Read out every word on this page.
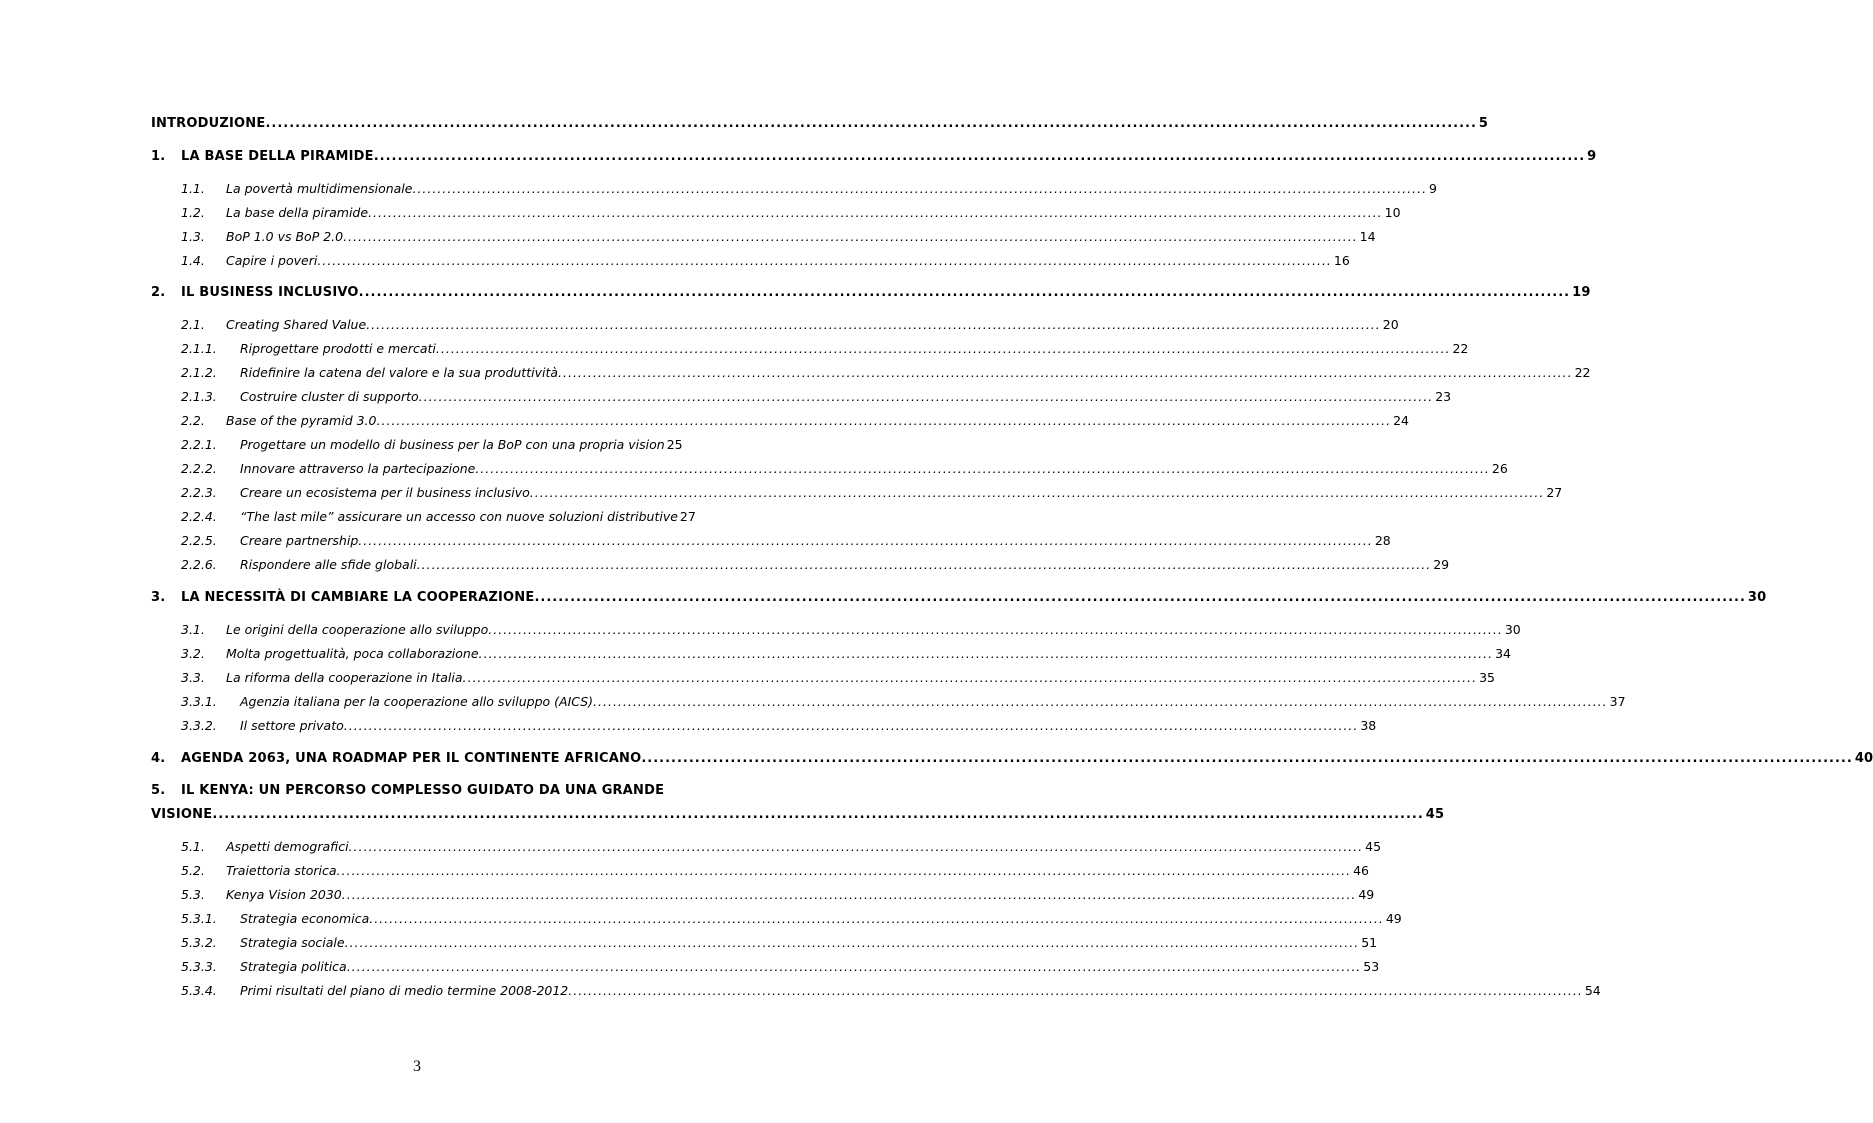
INTRODUZIONE .....	5
1. LA BASE DELLA PIRAMIDE .....	9
1.1. La povertà multidimensionale .....	9
1.2. La base della piramide .....	10
1.3. BoP 1.0 vs BoP 2.0 .....	14
1.4. Capire i poveri .....	16
2. IL BUSINESS INCLUSIVO .....	19
2.1. Creating Shared Value .....	20
2.1.1. Riprogettare prodotti e mercati .....	22
2.1.2. Ridefinire la catena del valore e la sua produttività .....	22
2.1.3. Costruire cluster di supporto .....	23
2.2. Base of the pyramid 3.0 .....	24
2.2.1. Progettare un modello di business per la BoP con una propria vision 25
2.2.2. Innovare attraverso la partecipazione .....	26
2.2.3. Creare un ecosistema per il business inclusivo .....	27
2.2.4. “The last mile” assicurare un accesso con nuove soluzioni distributive 27
2.2.5. Creare partnership .....	28
2.2.6. Rispondere alle sfide globali .....	29
3. LA NECESSITÀ DI CAMBIARE LA COOPERAZIONE .....	30
3.1. Le origini della cooperazione allo sviluppo .....	30
3.2. Molta progettualità, poca collaborazione .....	34
3.3. La riforma della cooperazione in Italia .....	35
3.3.1. Agenzia italiana per la cooperazione allo sviluppo (AICS) .....	37
3.3.2. Il settore privato .....	38
4. AGENDA 2063, UNA ROADMAP PER IL CONTINENTE AFRICANO .....	40
5. IL KENYA: UN PERCORSO COMPLESSO GUIDATO DA UNA GRANDE
VISIONE .....	45
5.1. Aspetti demografici .....	45
5.2. Traiettoria storica .....	46
5.3. Kenya Vision 2030 .....	49
5.3.1. Strategia economica .....	49
5.3.2. Strategia sociale .....	51
5.3.3. Strategia politica .....	53
5.3.4. Primi risultati del piano di medio termine 2008-2012 .....	54
3
